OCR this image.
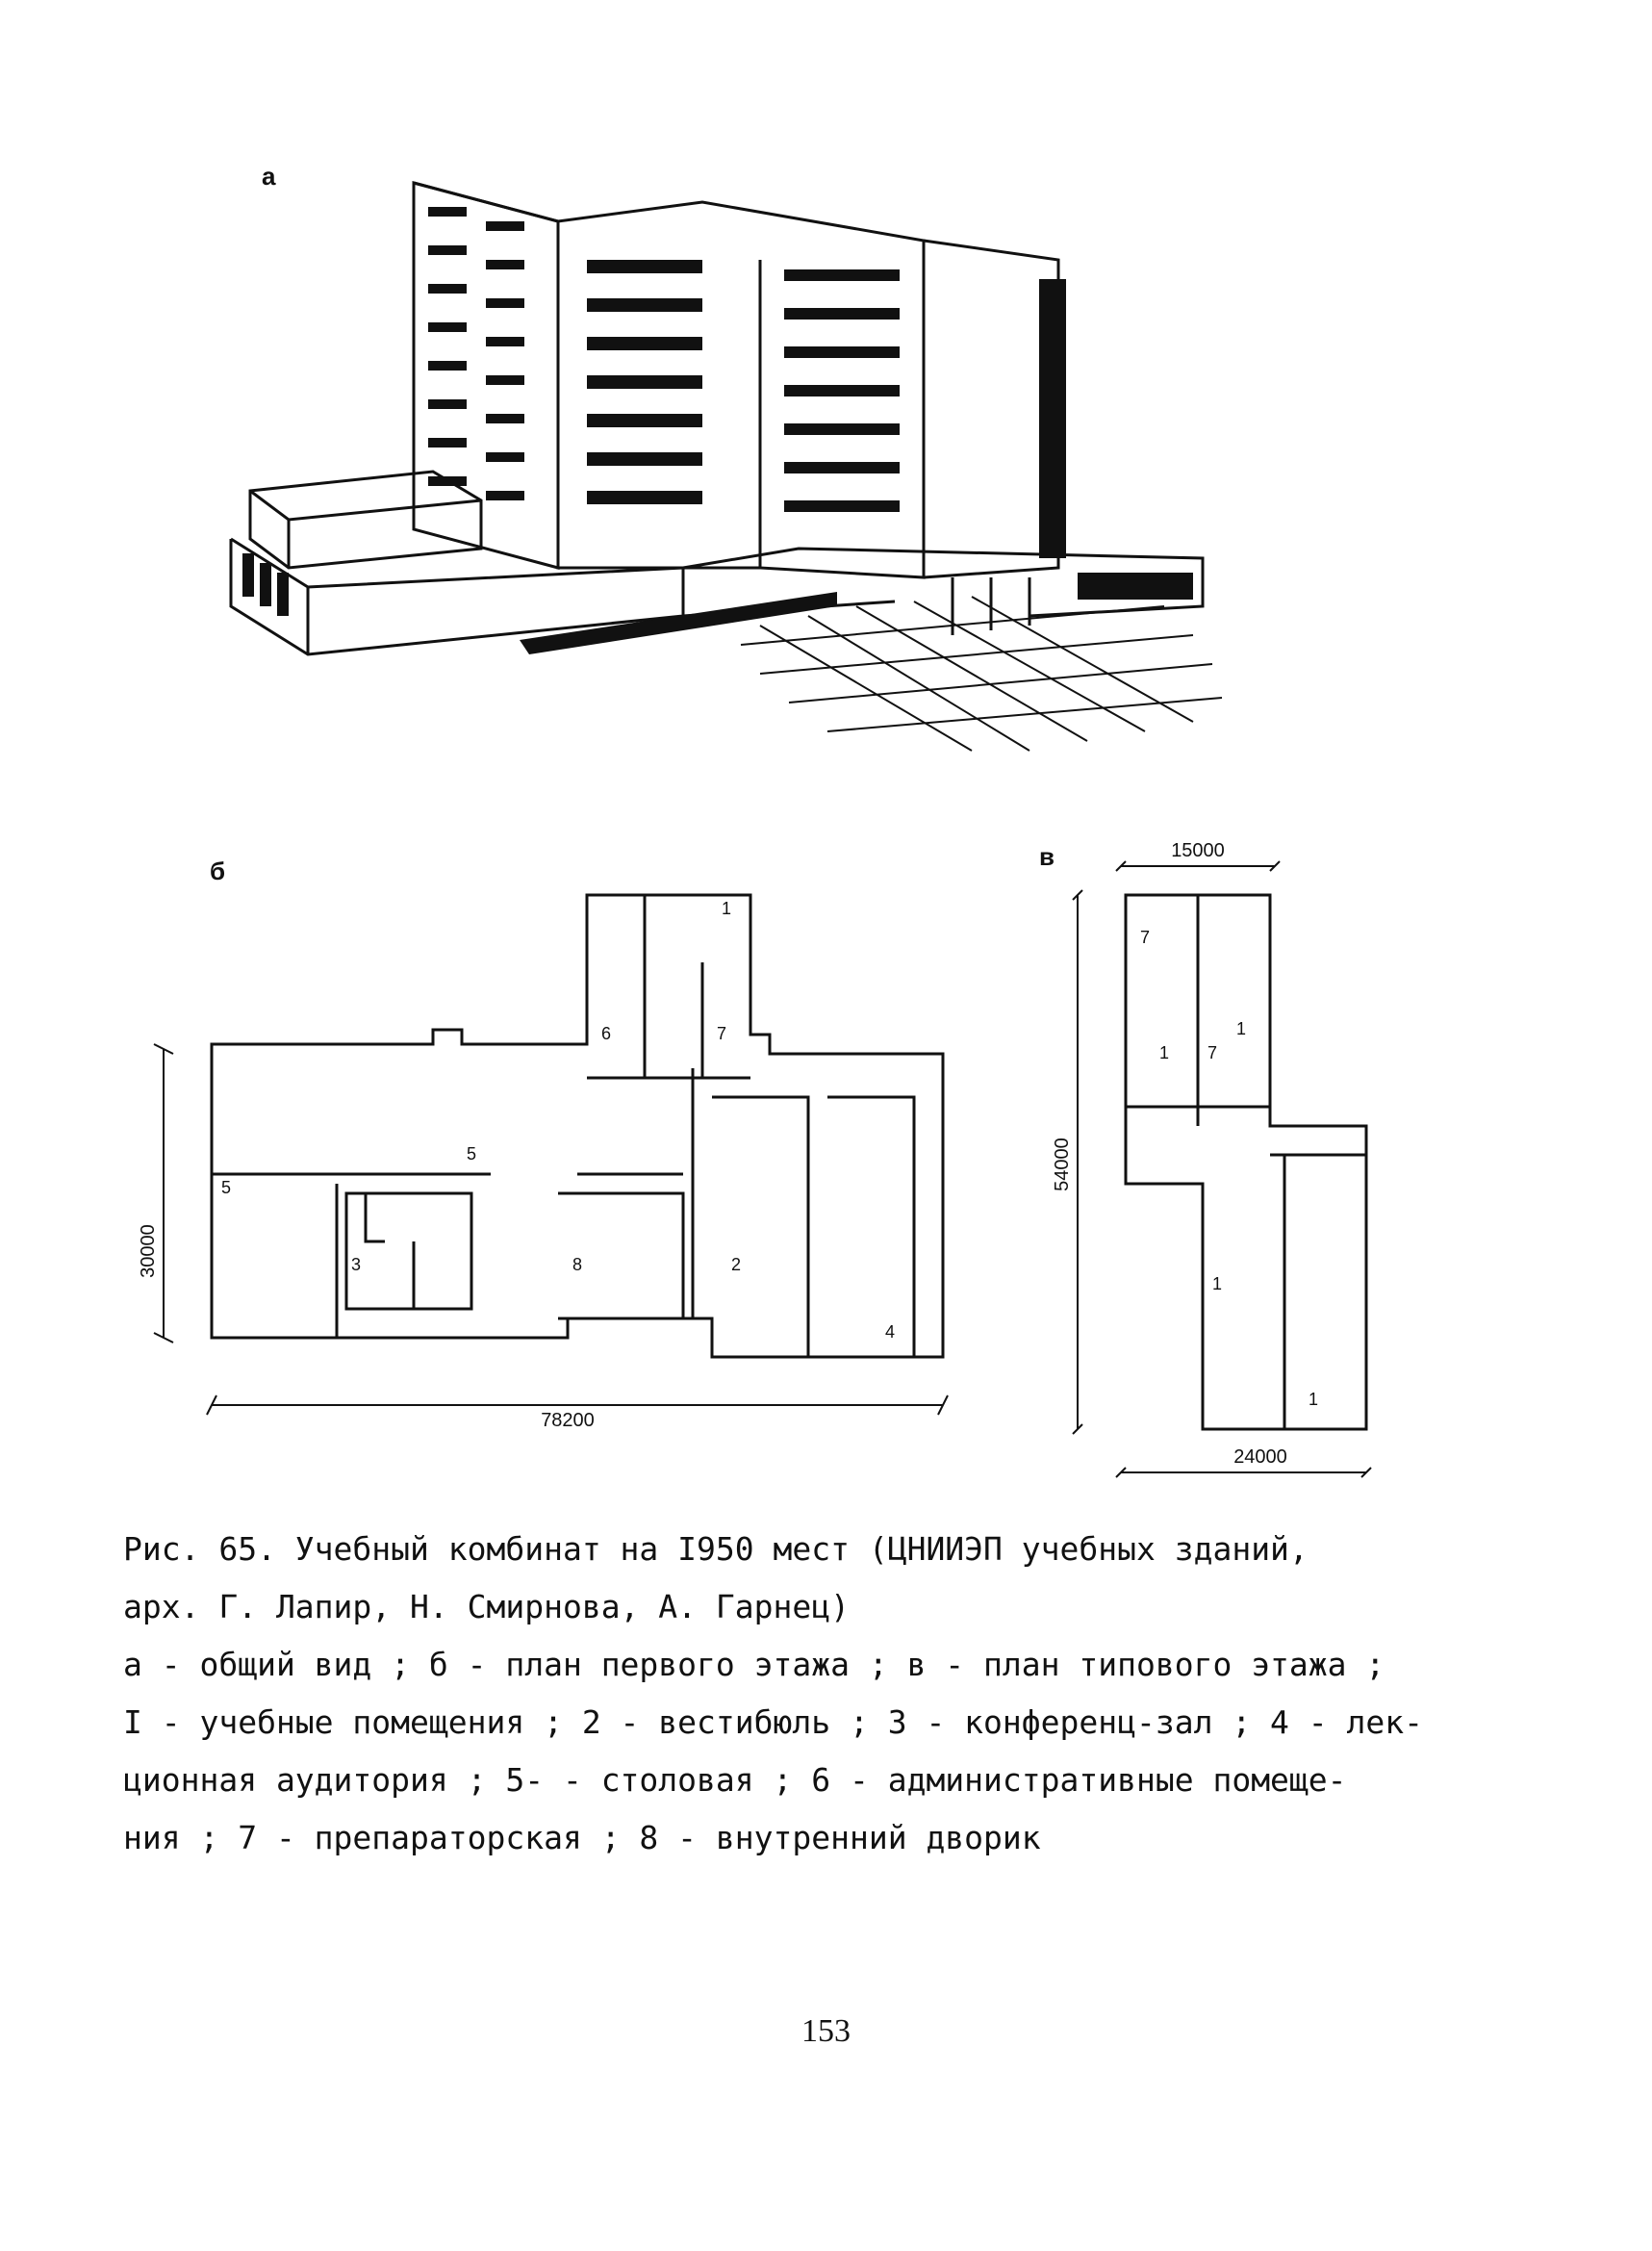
а
б	в
30000
78200
1
6	7
5
5
3	8	2
4
15000
54000
24000
7
1
1 7
1
1

Рис. 65. Учебный комбинат на I950 мест (ЦНИИЭП учебных зданий,

арх. Г. Лапир, Н. Смирнова, А. Гарнец)

а - общий вид ; б - план первого этажа ; в - план типового этажа ;

I - учебные помещения ; 2 - вестибюль ; 3 - конференц-зал ; 4 - лек-

ционная аудитория ; 5- - столовая ; 6 - административные помеще-

ния ; 7 - препараторская ; 8 - внутренний дворик

153
